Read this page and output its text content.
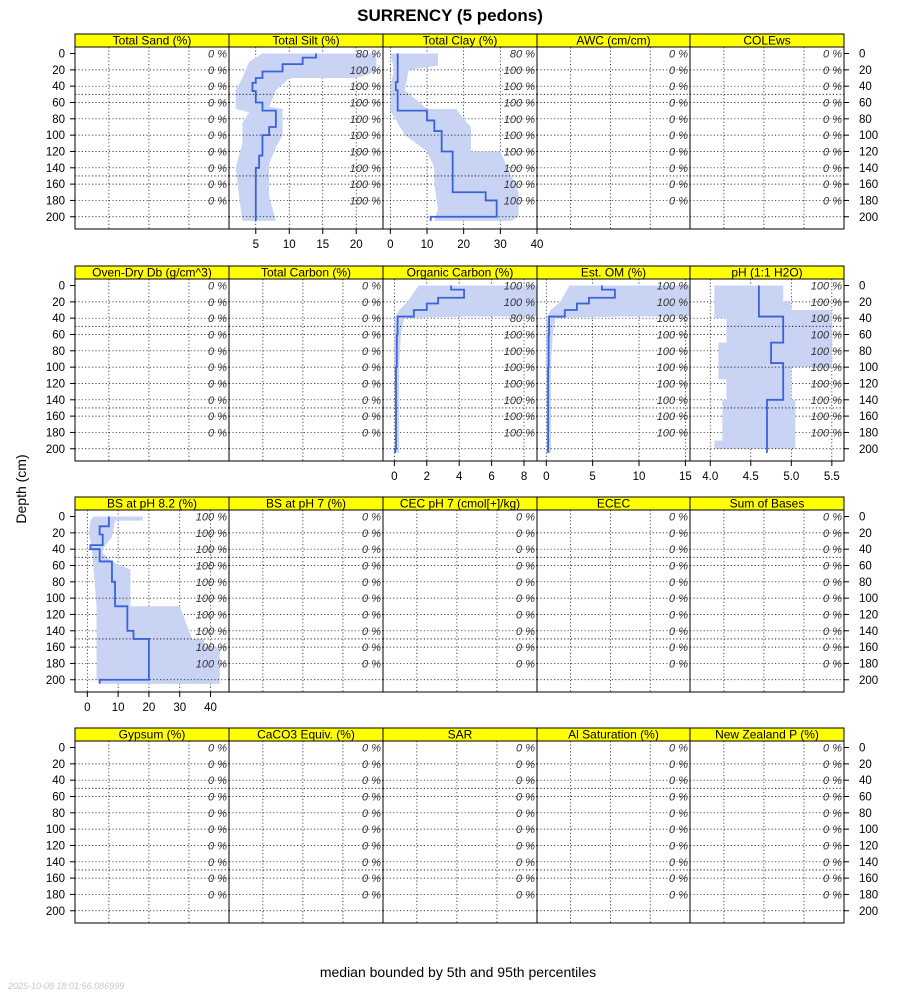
SURRENCY (5 pedons)
Depth (cm)
Total Sand (%)
0 %
0 %
0 %
0 %
0 %
0 %
0 %
0 %
0 %
0 %
Total Silt (%)
80 %
100 %
100 %
100 %
100 %
100 %
100 %
100 %
100 %
100 %
5 10 15 20
Total Clay (%)
80 %
100 %
100 %
100 %
100 %
100 %
100 %
100 %
100 %
100 %
0 10 20 30 40
AWC (cm/cm)
0 %
0 %
0 %
0 %
0 %
0 %
0 %
0 %
0 %
0 %
COLEws
0 %
0 %
0 %
0 %
0 %
0 %
0 %
0 %
0 %
0 %
0	0
20	20
40	40
60	60
80	80
100	100
120	120
140	140
160	160
180	180
200	200
Oven-Dry Db (g/cm^3)
0 %
0 %
0 %
0 %
0 %
0 %
0 %
0 %
0 %
0 %
Total Carbon (%)
0 %
0 %
0 %
0 %
0 %
0 %
0 %
0 %
0 %
0 %
Organic Carbon (%)
100 %
100 %
80 %
100 %
100 %
100 %
100 %
100 %
100 %
100 %
0 2 4 6 8
Est. OM (%)
100 %
100 %
100 %
100 %
100 %
100 %
100 %
100 %
100 %
100 %
0	5	10	15
pH (1:1 H2O)
100 %
100 %
100 %
100 %
100 %
100 %
100 %
100 %
100 %
100 %
4.0 4.5 5.0 5.5
0	0
20	20
40	40
60	60
80	80
100	100
120	120
140	140
160	160
180	180
200	200
BS at pH 8.2 (%)
100 %
100 %
100 %
100 %
100 %
100 %
100 %
100 %
100 %
100 %
0 10 20 30 40
BS at pH 7 (%)
0 %
0 %
0 %
0 %
0 %
0 %
0 %
0 %
0 %
0 %
CEC pH 7 (cmol[+]/kg)
0 %
0 %
0 %
0 %
0 %
0 %
0 %
0 %
0 %
0 %
ECEC
0 %
0 %
0 %
0 %
0 %
0 %
0 %
0 %
0 %
0 %
Sum of Bases
0 %
0 %
0 %
0 %
0 %
0 %
0 %
0 %
0 %
0 %
0	0
20	20
40	40
60	60
80	80
100	100
120	120
140	140
160	160
180	180
200	200
Gypsum (%)
0 %
0 %
0 %
0 %
0 %
0 %
0 %
0 %
0 %
0 %
CaCO3 Equiv. (%)
0 %
0 %
0 %
0 %
0 %
0 %
0 %
0 %
0 %
0 %
SAR
0 %
0 %
0 %
0 %
0 %
0 %
0 %
0 %
0 %
0 %
Al Saturation (%)
0 %
0 %
0 %
0 %
0 %
0 %
0 %
0 %
0 %
0 %
New Zealand P (%)
0 %
0 %
0 %
0 %
0 %
0 %
0 %
0 %
0 %
0 %
0	0
20	20
40	40
60	60
80	80
100	100
120	120
140	140
160	160
180	180
200	200
median bounded by 5th and 95th percentiles
2025-10-08 18:01:56.086999
